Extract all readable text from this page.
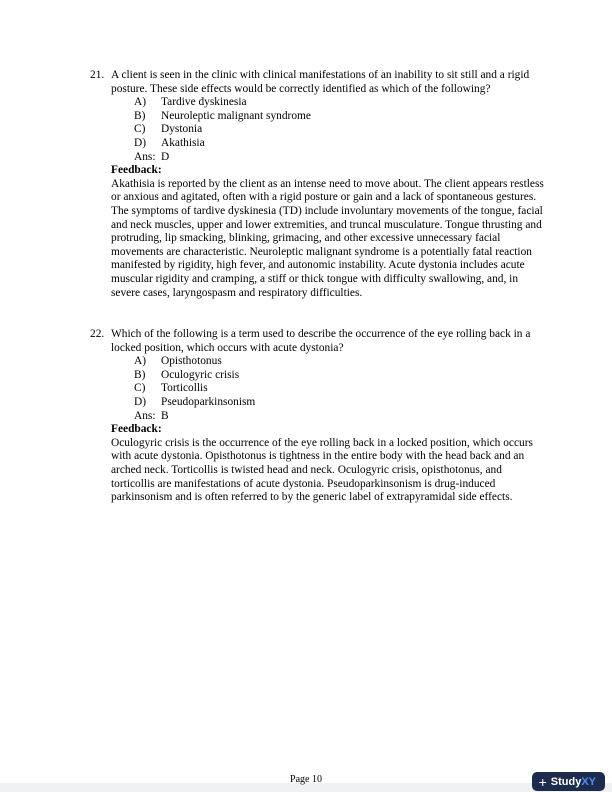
21. A client is seen in the clinic with clinical manifestations of an inability to sit still and a rigid posture. These side effects would be correctly identified as which of the following?

A)	Tardive dyskinesia
B)	Neuroleptic malignant syndrome
C)	Dystonia
D)	Akathisia
Ans: D
Feedback:

Akathisia is reported by the client as an intense need to move about. The client appears restless or anxious and agitated, often with a rigid posture or gain and a lack of spontaneous gestures. The symptoms of tardive dyskinesia (TD) include involuntary movements of the tongue, facial and neck muscles, upper and lower extremities, and truncal musculature. Tongue thrusting and protruding, lip smacking, blinking, grimacing, and other excessive unnecessary facial movements are characteristic. Neuroleptic malignant syndrome is a potentially fatal reaction manifested by rigidity, high fever, and autonomic instability. Acute dystonia includes acute muscular rigidity and cramping, a stiff or thick tongue with difficulty swallowing, and, in severe cases, laryngospasm and respiratory difficulties.

22. Which of the following is a term used to describe the occurrence of the eye rolling back in a locked position, which occurs with acute dystonia?

A)	Opisthotonus
B)	Oculogyric crisis
C)	Torticollis
D)	Pseudoparkinsonism
Ans: B
Feedback:

Oculogyric crisis is the occurrence of the eye rolling back in a locked position, which occurs with acute dystonia. Opisthotonus is tightness in the entire body with the head back and an arched neck. Torticollis is twisted head and neck. Oculogyric crisis, opisthotonus, and torticollis are manifestations of acute dystonia. Pseudoparkinsonism is drug-induced parkinsonism and is often referred to by the generic label of extrapyramidal side effects.

Page 10	+ StudyXY
